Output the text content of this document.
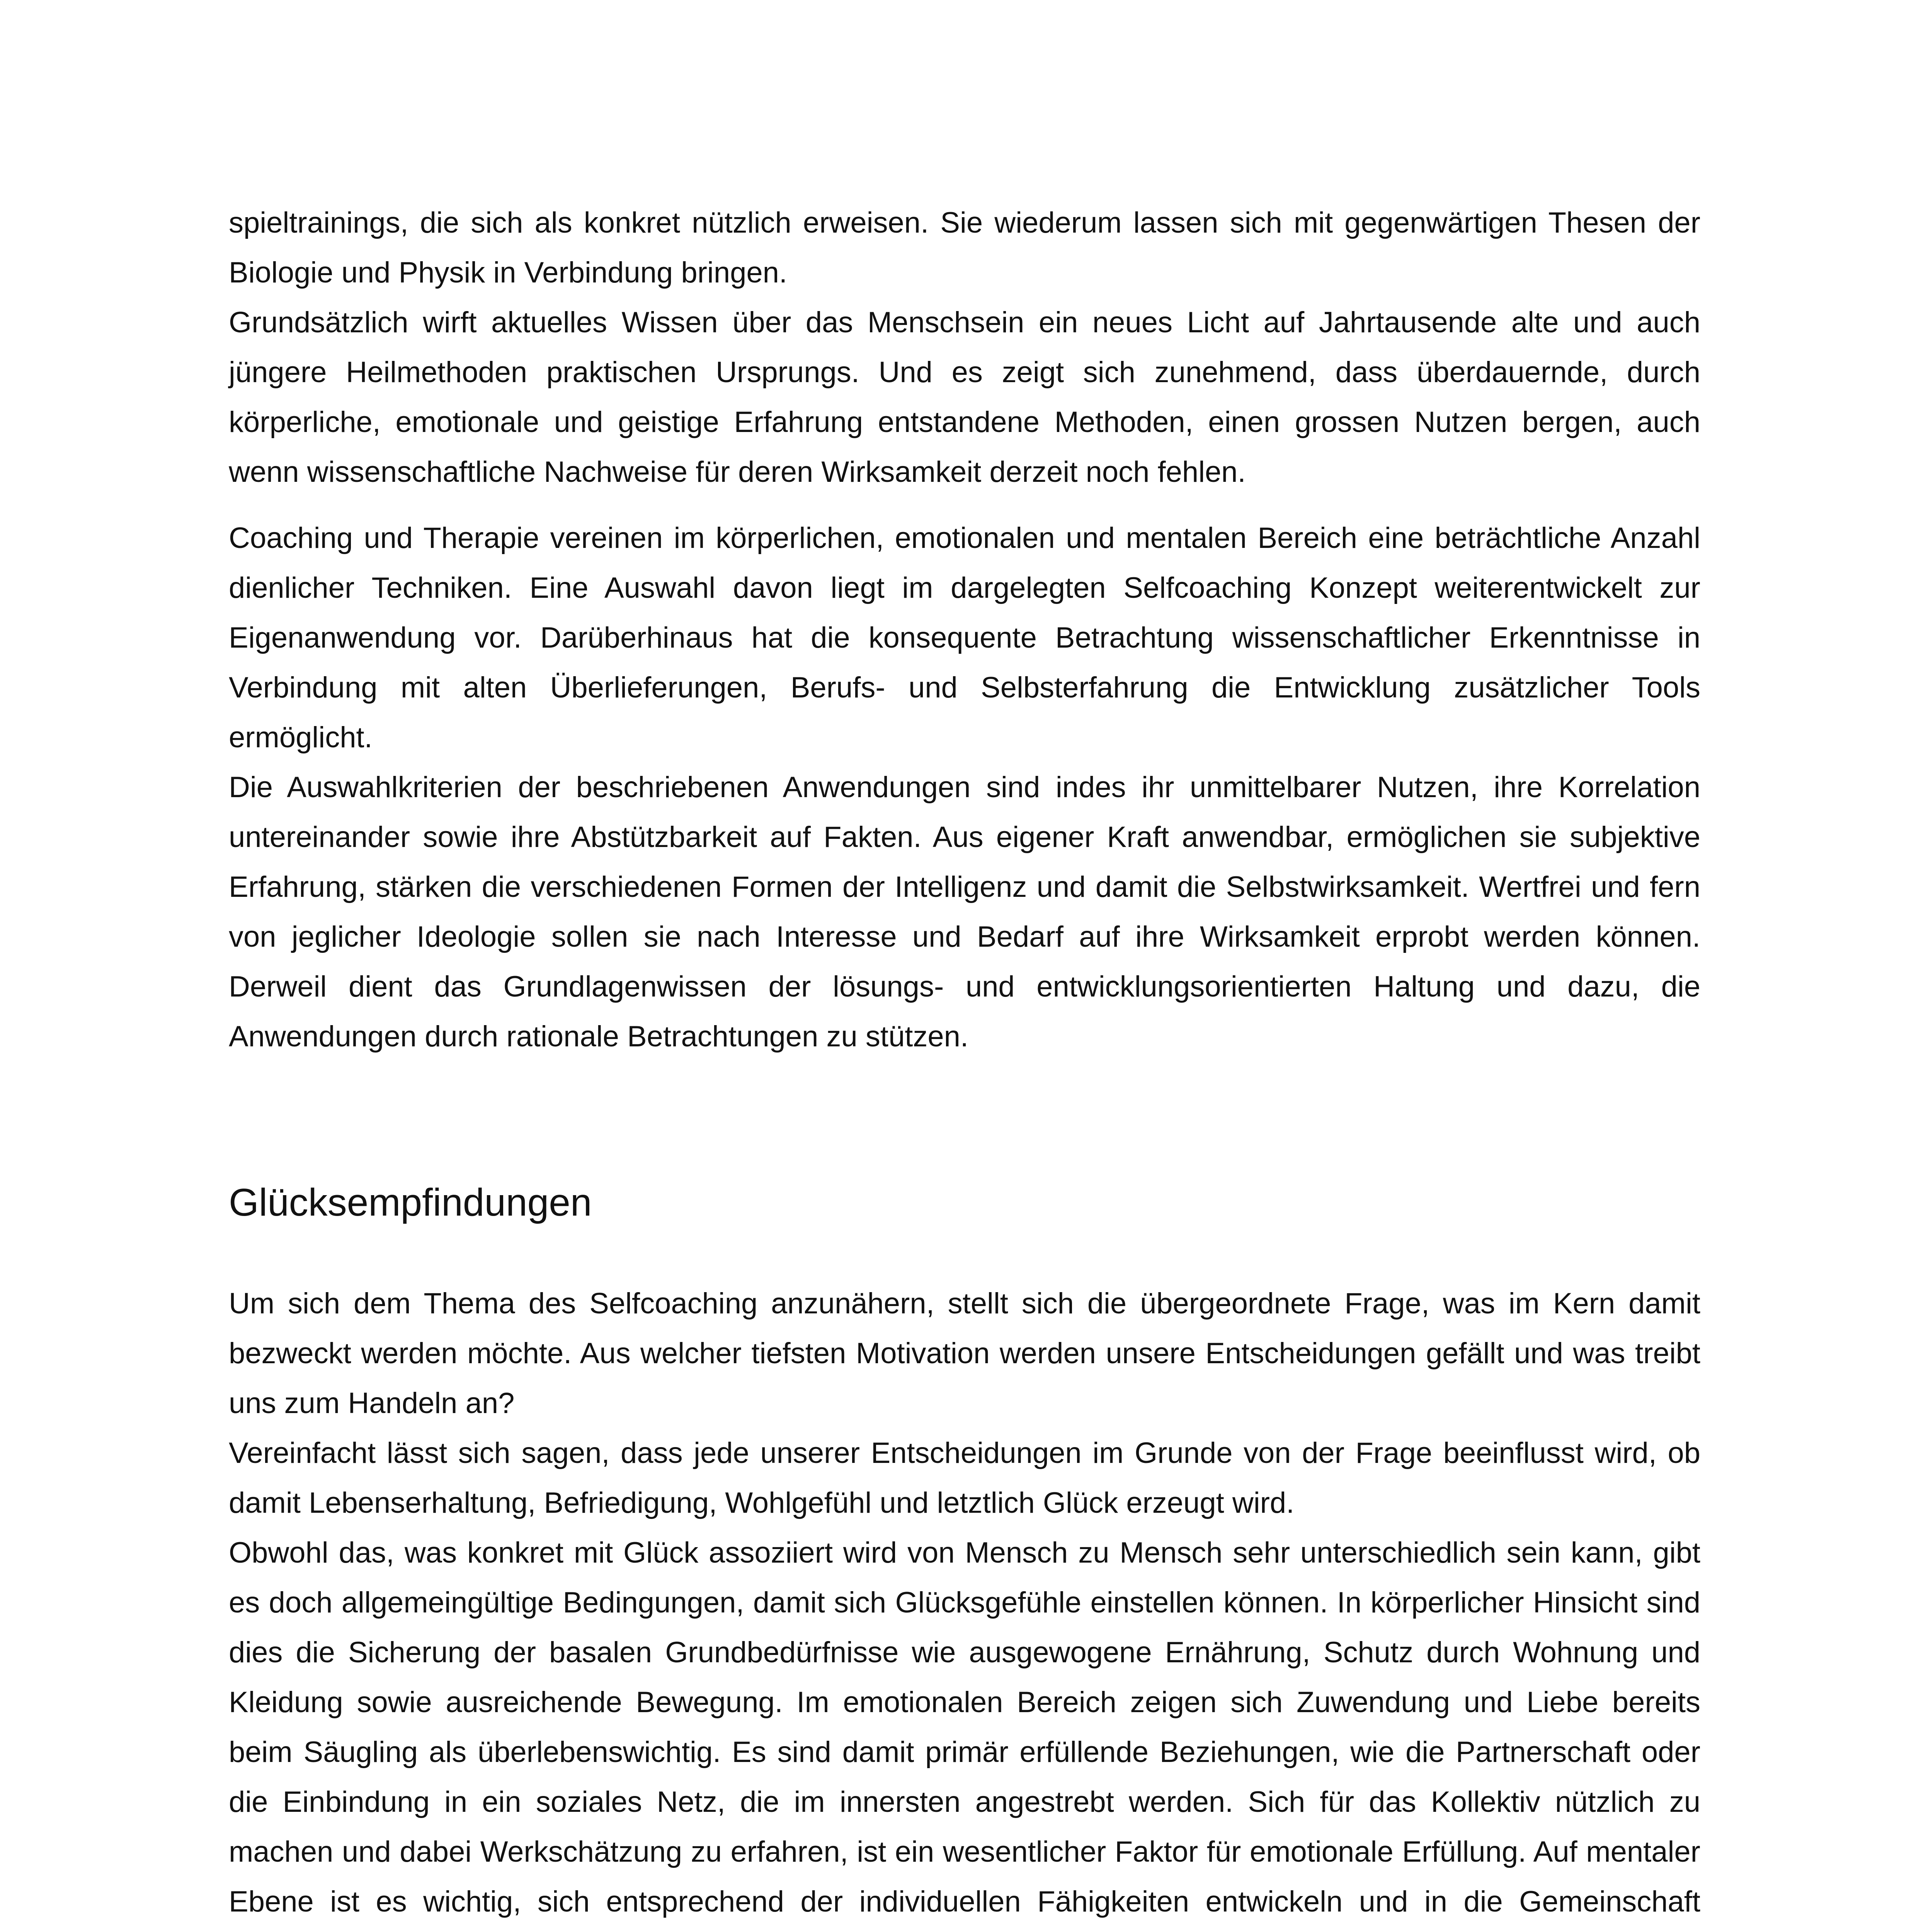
spieltrainings, die sich als konkret nützlich erweisen. Sie wiederum lassen sich mit gegenwärtigen Thesen der Biologie und Physik in Verbindung bringen.

Grundsätzlich wirft aktuelles Wissen über das Menschsein ein neues Licht auf Jahrtausende alte und auch jüngere Heilmethoden praktischen Ursprungs. Und es zeigt sich zunehmend, dass überdauernde, durch körperliche, emotionale und geistige Erfahrung entstandene Methoden, einen grossen Nutzen bergen, auch wenn wissenschaftliche Nachweise für deren Wirksamkeit derzeit noch fehlen.

Coaching und Therapie vereinen im körperlichen, emotionalen und mentalen Bereich eine beträchtliche Anzahl dienlicher Techniken. Eine Auswahl davon liegt im dargelegten Selfcoaching Konzept weiterentwickelt zur Eigenanwendung vor. Darüberhinaus hat die konsequente Betrachtung wissenschaftlicher Erkenntnisse in Verbindung mit alten Überlieferungen, Berufs- und Selbsterfahrung die Entwicklung zusätzlicher Tools ermöglicht.

Die Auswahlkriterien der beschriebenen Anwendungen sind indes ihr unmittelbarer Nutzen, ihre Korrelation untereinander sowie ihre Abstützbarkeit auf Fakten. Aus eigener Kraft anwendbar, ermöglichen sie subjektive Erfahrung, stärken die verschiedenen Formen der Intelligenz und damit die Selbstwirksamkeit. Wertfrei und fern von jeglicher Ideologie sollen sie nach Interesse und Bedarf auf ihre Wirksamkeit erprobt werden können. Derweil dient das Grundlagenwissen der lösungs- und entwicklungsorientierten Haltung und dazu, die Anwendungen durch rationale Betrachtungen zu stützen.

Glücksempfindungen

Um sich dem Thema des Selfcoaching anzunähern, stellt sich die übergeordnete Frage, was im Kern damit bezweckt werden möchte. Aus welcher tiefsten Motivation werden unsere Entscheidungen gefällt und was treibt uns zum Handeln an?

Vereinfacht lässt sich sagen, dass jede unserer Entscheidungen im Grunde von der Frage beeinflusst wird, ob damit Lebenserhaltung, Befriedigung, Wohlgefühl und letztlich Glück erzeugt wird.

Obwohl das, was konkret mit Glück assoziiert wird von Mensch zu Mensch sehr unterschiedlich sein kann, gibt es doch allgemeingültige Bedingungen, damit sich Glücksgefühle einstellen können. In körperlicher Hinsicht sind dies die Sicherung der basalen Grundbedürfnisse wie ausgewogene Ernährung, Schutz durch Wohnung und Kleidung sowie ausreichende Bewegung. Im emotionalen Bereich zeigen sich Zuwendung und Liebe bereits beim Säugling als überlebenswichtig. Es sind damit primär erfüllende Beziehungen, wie die Partnerschaft oder die Einbindung in ein soziales Netz, die im innersten angestrebt werden. Sich für das Kollektiv nützlich zu machen und dabei Werkschätzung zu erfahren, ist ein wesentlicher Faktor für emotionale Erfüllung. Auf mentaler Ebene ist es wichtig, sich entsprechend der individuellen Fähigkeiten entwickeln und in die Gemeinschaft
